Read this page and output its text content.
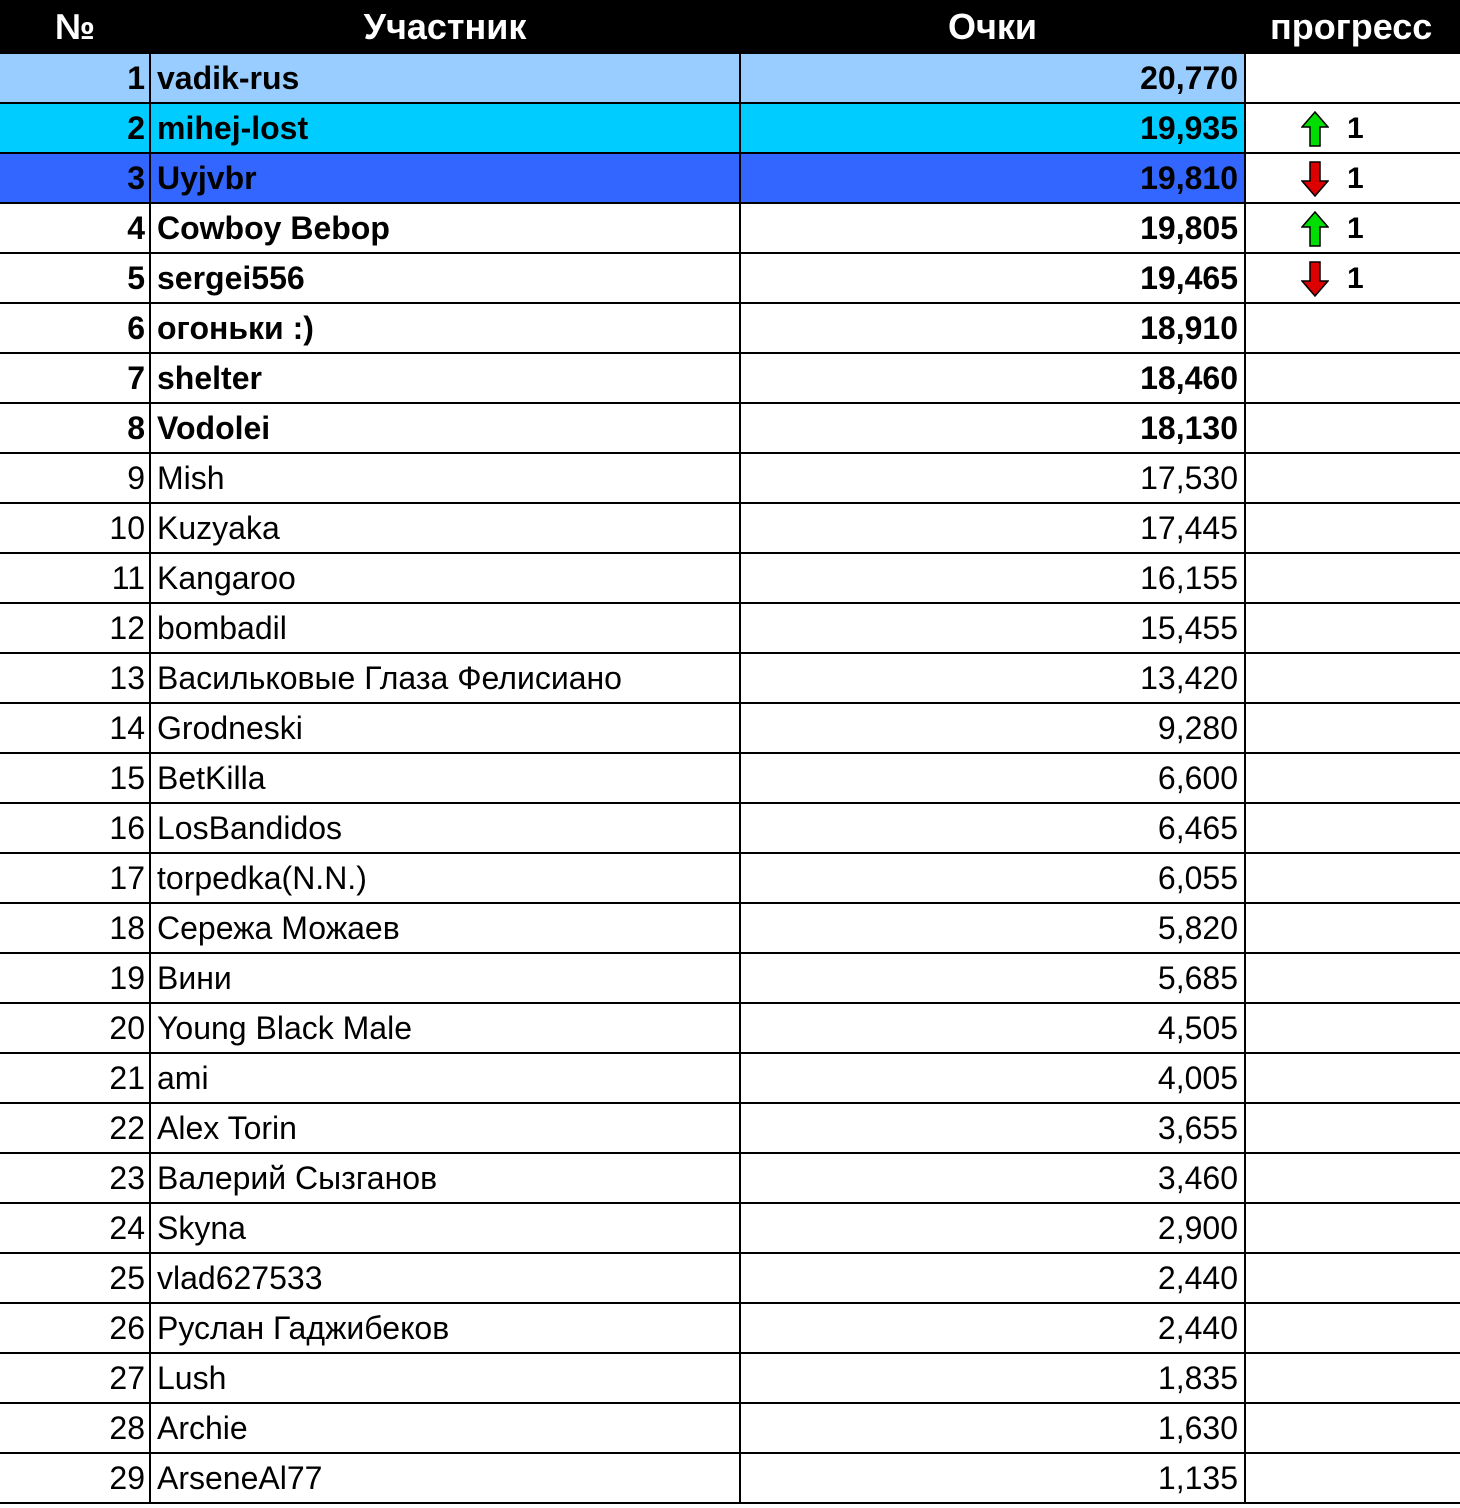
№	Участник	Очки	прогресс
1	vadik-rus	20,770	
2	mihej-lost	19,935	1
3	Uyjvbr	19,810	1
4	Cowboy Bebop	19,805	1
5	sergei556	19,465	1
6	огоньки :)	18,910	
7	shelter	18,460	
8	Vodolei	18,130	
9	Mish	17,530	
10	Kuzyaka	17,445	
11	Kangaroo	16,155	
12	bombadil	15,455	
13	Васильковые Глаза Фелисиано	13,420	
14	Grodneski	9,280	
15	BetKilla	6,600	
16	LosBandidos	6,465	
17	torpedka(N.N.)	6,055	
18	Сережа Можаев	5,820	
19	Вини	5,685	
20	Young Black Male	4,505	
21	ami	4,005	
22	Alex Torin	3,655	
23	Валерий Сызганов	3,460	
24	Skyna	2,900	
25	vlad627533	2,440	
26	Руслан Гаджибеков	2,440	
27	Lush	1,835	
28	Archie	1,630	
29	ArseneAl77	1,135	
